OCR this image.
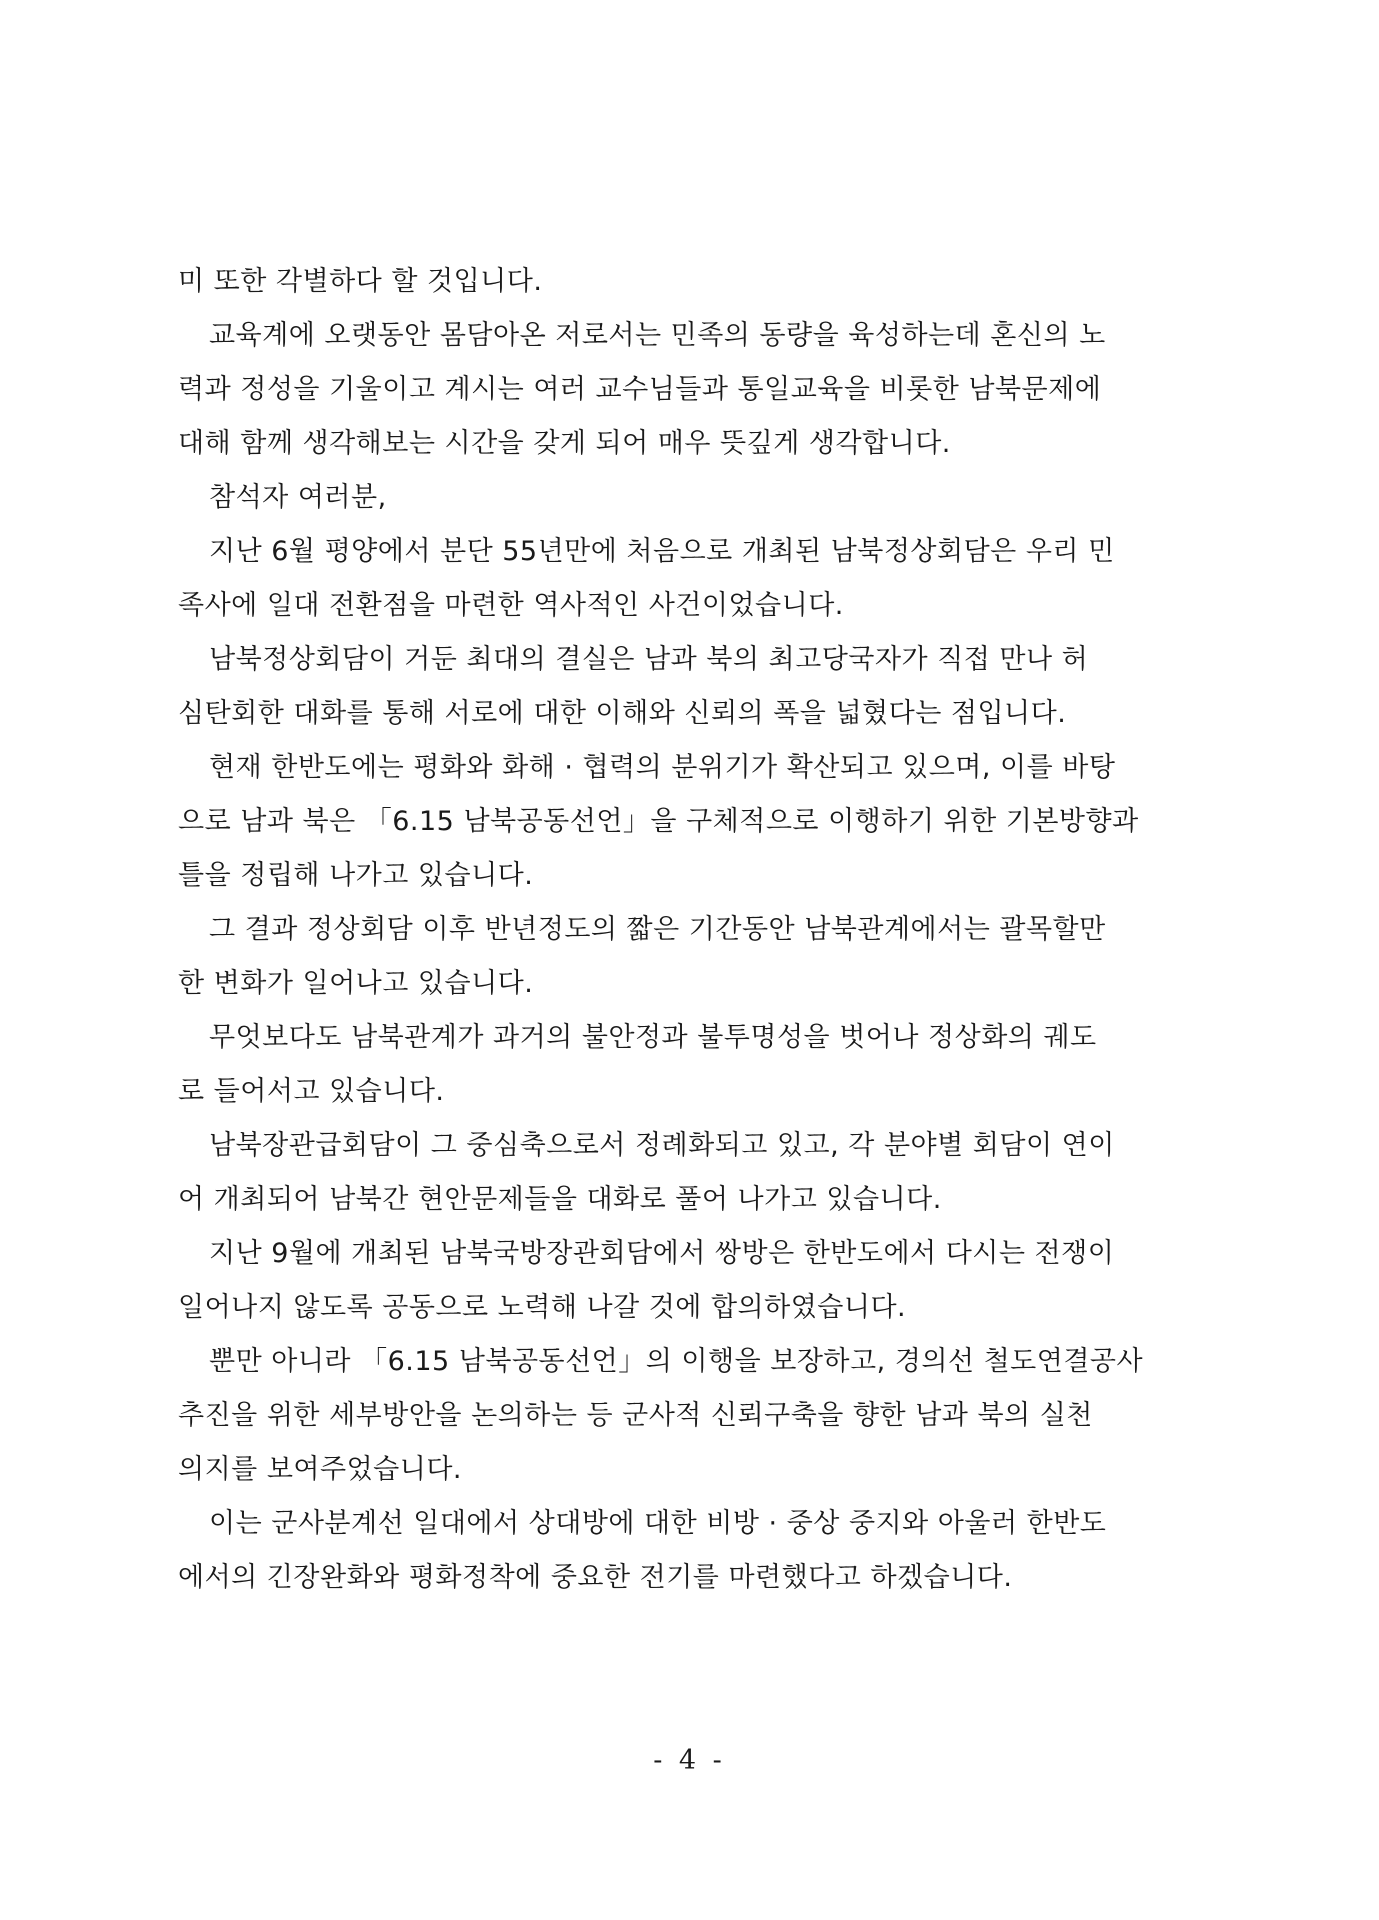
미 또한 각별하다 할 것입니다.
교육계에 오랫동안 몸담아온 저로서는 민족의 동량을 육성하는데 혼신의 노
력과 정성을 기울이고 계시는 여러 교수님들과 통일교육을 비롯한 남북문제에
대해 함께 생각해보는 시간을 갖게 되어 매우 뜻깊게 생각합니다.
참석자 여러분,
지난 6월 평양에서 분단 55년만에 처음으로 개최된 남북정상회담은 우리 민
족사에 일대 전환점을 마련한 역사적인 사건이었습니다.
남북정상회담이 거둔 최대의 결실은 남과 북의 최고당국자가 직접 만나 허
심탄회한 대화를 통해 서로에 대한 이해와 신뢰의 폭을 넓혔다는 점입니다.
현재 한반도에는 평화와 화해 · 협력의 분위기가 확산되고 있으며, 이를 바탕
으로 남과 북은 「6.15 남북공동선언」을 구체적으로 이행하기 위한 기본방향과
틀을 정립해 나가고 있습니다.
그 결과 정상회담 이후 반년정도의 짧은 기간동안 남북관계에서는 괄목할만
한 변화가 일어나고 있습니다.
무엇보다도 남북관계가 과거의 불안정과 불투명성을 벗어나 정상화의 궤도
로 들어서고 있습니다.
남북장관급회담이 그 중심축으로서 정례화되고 있고, 각 분야별 회담이 연이
어 개최되어 남북간 현안문제들을 대화로 풀어 나가고 있습니다.
지난 9월에 개최된 남북국방장관회담에서 쌍방은 한반도에서 다시는 전쟁이
일어나지 않도록 공동으로 노력해 나갈 것에 합의하였습니다.
뿐만 아니라 「6.15 남북공동선언」의 이행을 보장하고, 경의선 철도연결공사
추진을 위한 세부방안을 논의하는 등 군사적 신뢰구축을 향한 남과 북의 실천
의지를 보여주었습니다.
이는 군사분계선 일대에서 상대방에 대한 비방 · 중상 중지와 아울러 한반도
에서의 긴장완화와 평화정착에 중요한 전기를 마련했다고 하겠습니다.
- 4 -
